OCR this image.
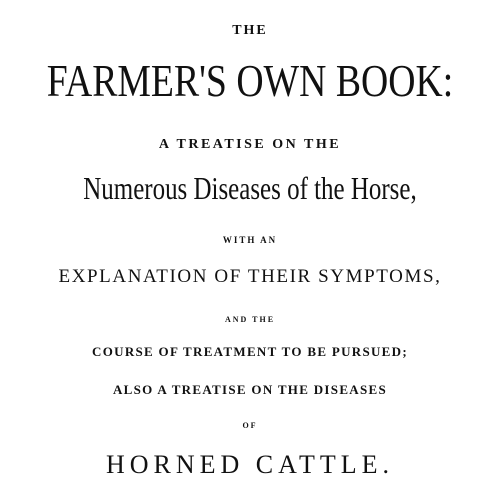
THE
FARMER'S OWN BOOK:
A TREATISE ON THE
Numerous Diseases of the Horse,
WITH AN
EXPLANATION OF THEIR SYMPTOMS,
AND THE
COURSE OF TREATMENT TO BE PURSUED;
ALSO A TREATISE ON THE DISEASES
OF
HORNED CATTLE.
